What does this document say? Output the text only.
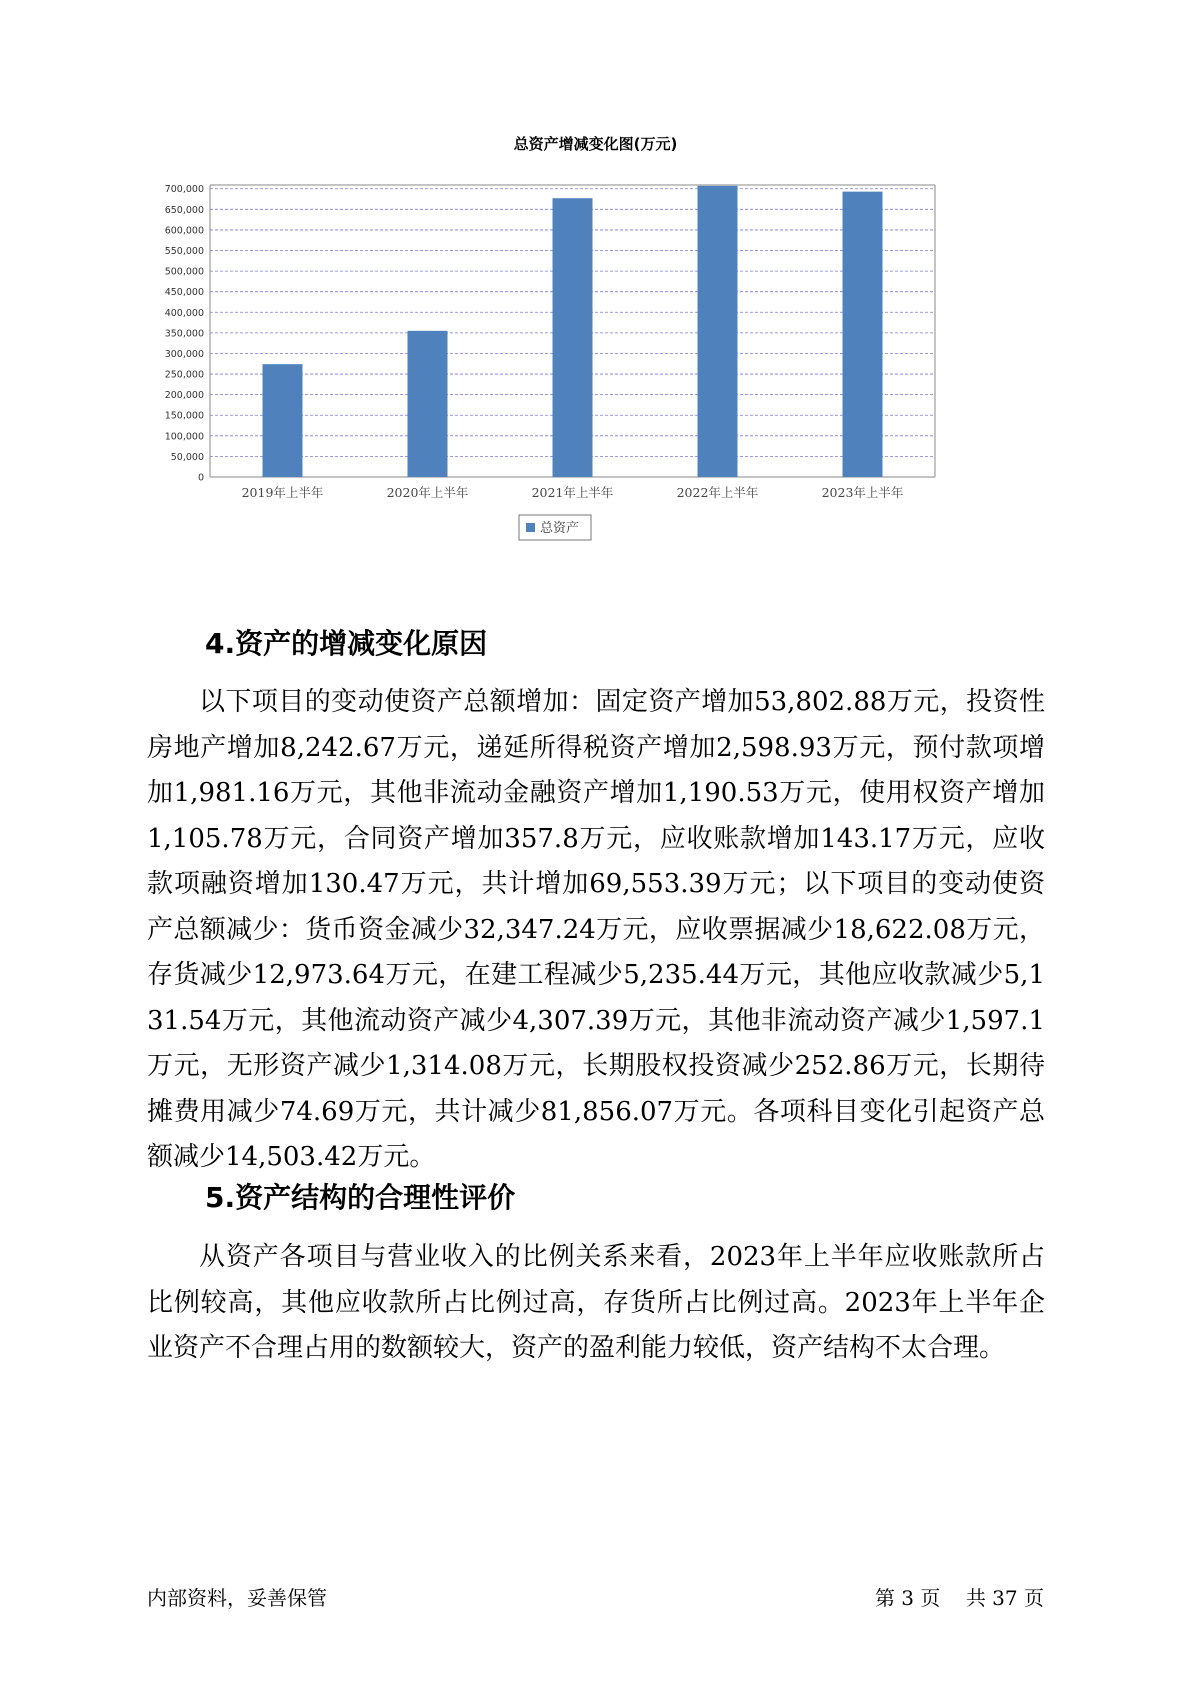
总资产增减变化图(万元)
0
50,000
100,000
150,000
200,000
250,000
300,000
350,000
400,000
450,000
500,000
550,000
600,000
650,000
700,000
2019年上半年	2020年上半年	2021年上半年	2022年上半年	2023年上半年
总资产
4.资产的增减变化原因

以下项目的变动使资产总额增加：固定资产增加53,802.88万元，投资性房地产增加8,242.67万元，递延所得税资产增加2,598.93万元，预付款项增加1,981.16万元，其他非流动金融资产增加1,190.53万元，使用权资产增加1,105.78万元，合同资产增加357.8万元，应收账款增加143.17万元，应收款项融资增加130.47万元，共计增加69,553.39万元；以下项目的变动使资产总额减少：货币资金减少32,347.24万元，应收票据减少18,622.08万元，存货减少12,973.64万元，在建工程减少5,235.44万元，其他应收款减少5,131.54万元，其他流动资产减少4,307.39万元，其他非流动资产减少1,597.1万元，无形资产减少1,314.08万元，长期股权投资减少252.86万元，长期待摊费用减少74.69万元，共计减少81,856.07万元。各项科目变化引起资产总额减少14,503.42万元。

5.资产结构的合理性评价

从资产各项目与营业收入的比例关系来看，2023年上半年应收账款所占比例较高，其他应收款所占比例过高，存货所占比例过高。2023年上半年企业资产不合理占用的数额较大，资产的盈利能力较低，资产结构不太合理。

内部资料，妥善保管	第 3 页 共 37 页
